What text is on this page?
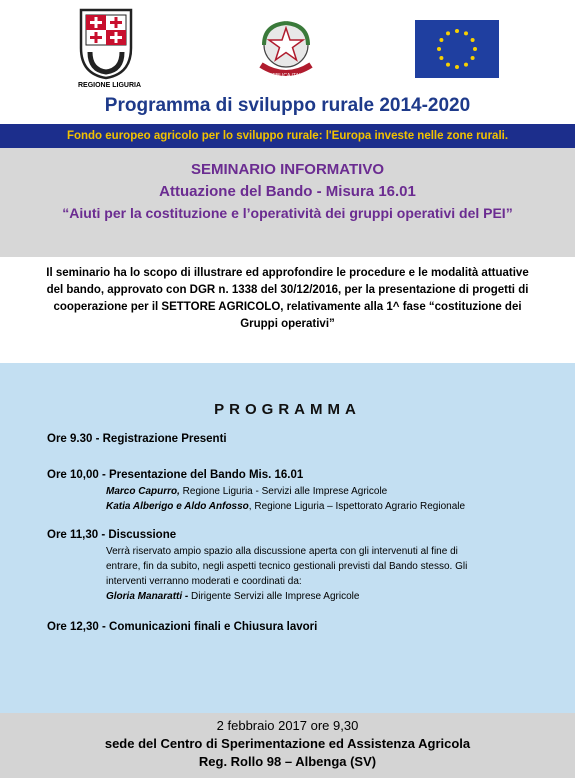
REGIONE LIGURIA
REPUBBLICA ITALIANA
Programma di sviluppo rurale 2014-2020
Fondo europeo agricolo per lo sviluppo rurale: l'Europa investe nelle zone rurali.
SEMINARIO INFORMATIVO
Attuazione del Bando - Misura 16.01
“Aiuti per la costituzione e l’operatività dei gruppi operativi del PEI”
Il seminario ha lo scopo di illustrare ed approfondire le procedure e le modalità attuative
del bando, approvato con DGR n. 1338 del 30/12/2016, per la presentazione di progetti di
cooperazione per il SETTORE AGRICOLO, relativamente alla 1^ fase “costituzione dei
Gruppi operativi”
PROGRAMMA
Ore 9.30 - Registrazione Presenti
Ore 10,00 - Presentazione del Bando Mis. 16.01
Marco Capurro, Regione Liguria - Servizi alle Imprese Agricole
Katia Alberigo e Aldo Anfosso, Regione Liguria – Ispettorato Agrario Regionale
Ore 11,30 - Discussione
Verrà riservato ampio spazio alla discussione aperta con gli intervenuti al fine di
entrare, fin da subito, negli aspetti tecnico gestionali previsti dal Bando stesso. Gli
interventi verranno moderati e coordinati da:
Gloria Manaratti - Dirigente Servizi alle Imprese Agricole
Ore 12,30 - Comunicazioni finali e Chiusura lavori
2 febbraio 2017 ore 9,30
sede del Centro di Sperimentazione ed Assistenza Agricola
Reg. Rollo 98 – Albenga (SV)
